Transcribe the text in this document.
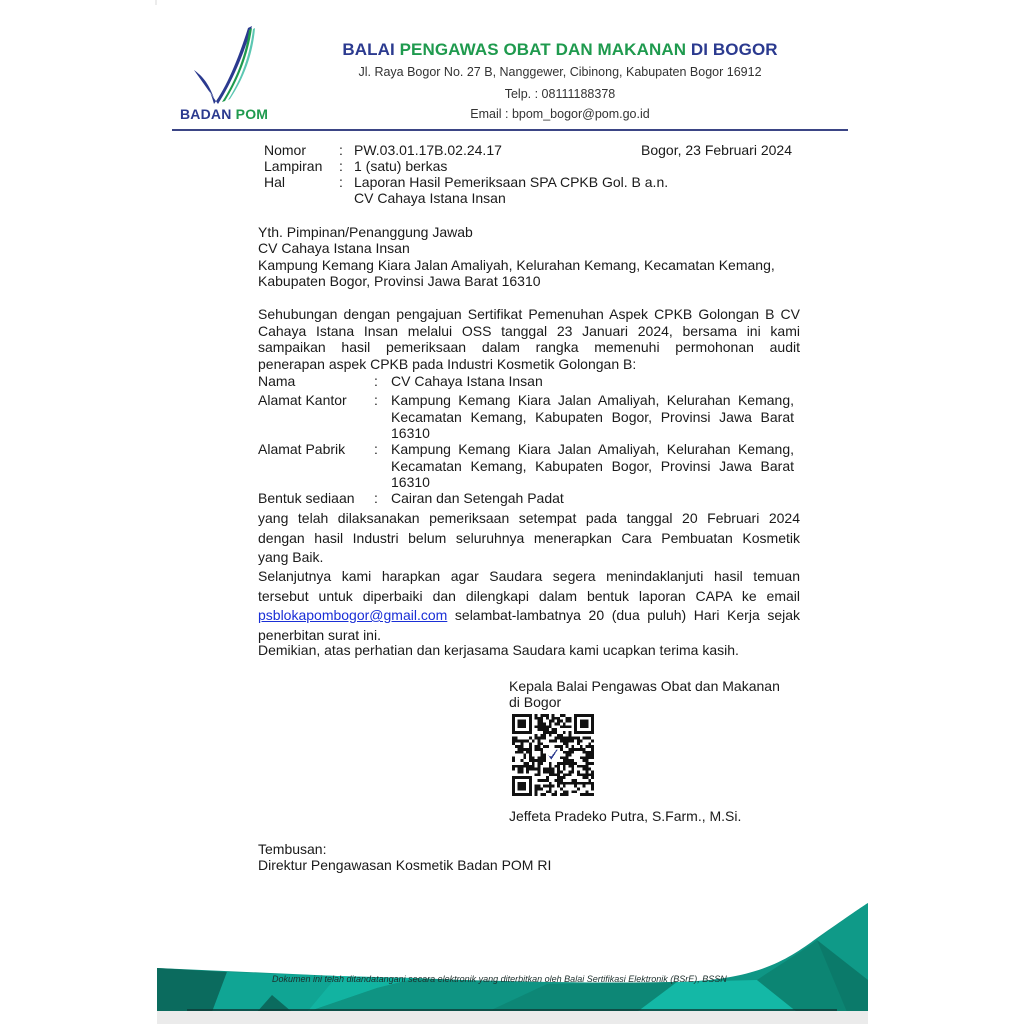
BADAN POM
BALAI PENGAWAS OBAT DAN MAKANAN DI BOGOR
Jl. Raya Bogor No. 27 B, Nanggewer, Cibinong, Kabupaten Bogor 16912
Telp. : 08111188378
Email : bpom_bogor@pom.go.id
Nomor : PW.03.01.17B.02.24.17	Bogor, 23 Februari 2024
Lampiran : 1 (satu) berkas
Hal	: Laporan Hasil Pemeriksaan SPA CPKB Gol. B a.n.
CV Cahaya Istana Insan
Yth. Pimpinan/Penanggung Jawab
CV Cahaya Istana Insan
Kampung Kemang Kiara Jalan Amaliyah, Kelurahan Kemang, Kecamatan Kemang,
Kabupaten Bogor, Provinsi Jawa Barat 16310
Sehubungan dengan pengajuan Sertifikat Pemenuhan Aspek CPKB Golongan B CV
Cahaya Istana Insan melalui OSS tanggal 23 Januari 2024, bersama ini kami
sampaikan hasil pemeriksaan dalam rangka memenuhi permohonan audit
penerapan aspek CPKB pada Industri Kosmetik Golongan B:
Nama	: CV Cahaya Istana Insan
Alamat Kantor : Kampung Kemang Kiara Jalan Amaliyah, Kelurahan Kemang,
Kecamatan Kemang, Kabupaten Bogor, Provinsi Jawa Barat
16310
Alamat Pabrik : Kampung Kemang Kiara Jalan Amaliyah, Kelurahan Kemang,
Kecamatan Kemang, Kabupaten Bogor, Provinsi Jawa Barat
16310
Bentuk sediaan : Cairan dan Setengah Padat
yang telah dilaksanakan pemeriksaan setempat pada tanggal 20 Februari 2024
dengan hasil Industri belum seluruhnya menerapkan Cara Pembuatan Kosmetik
yang Baik.
Selanjutnya kami harapkan agar Saudara segera menindaklanjuti hasil temuan
tersebut untuk diperbaiki dan dilengkapi dalam bentuk laporan CAPA ke email
psblokapombogor@gmail.com selambat-lambatnya 20 (dua puluh) Hari Kerja sejak
penerbitan surat ini.
Demikian, atas perhatian dan kerjasama Saudara kami ucapkan terima kasih.
Kepala Balai Pengawas Obat dan Makanan
di Bogor
Jeffeta Pradeko Putra, S.Farm., M.Si.
Tembusan:
Direktur Pengawasan Kosmetik Badan POM RI
Dokumen ini telah ditandatangani secara elektronik yang diterbitkan oleh Balai Sertifikasi Elektronik (BSrE), BSSN
